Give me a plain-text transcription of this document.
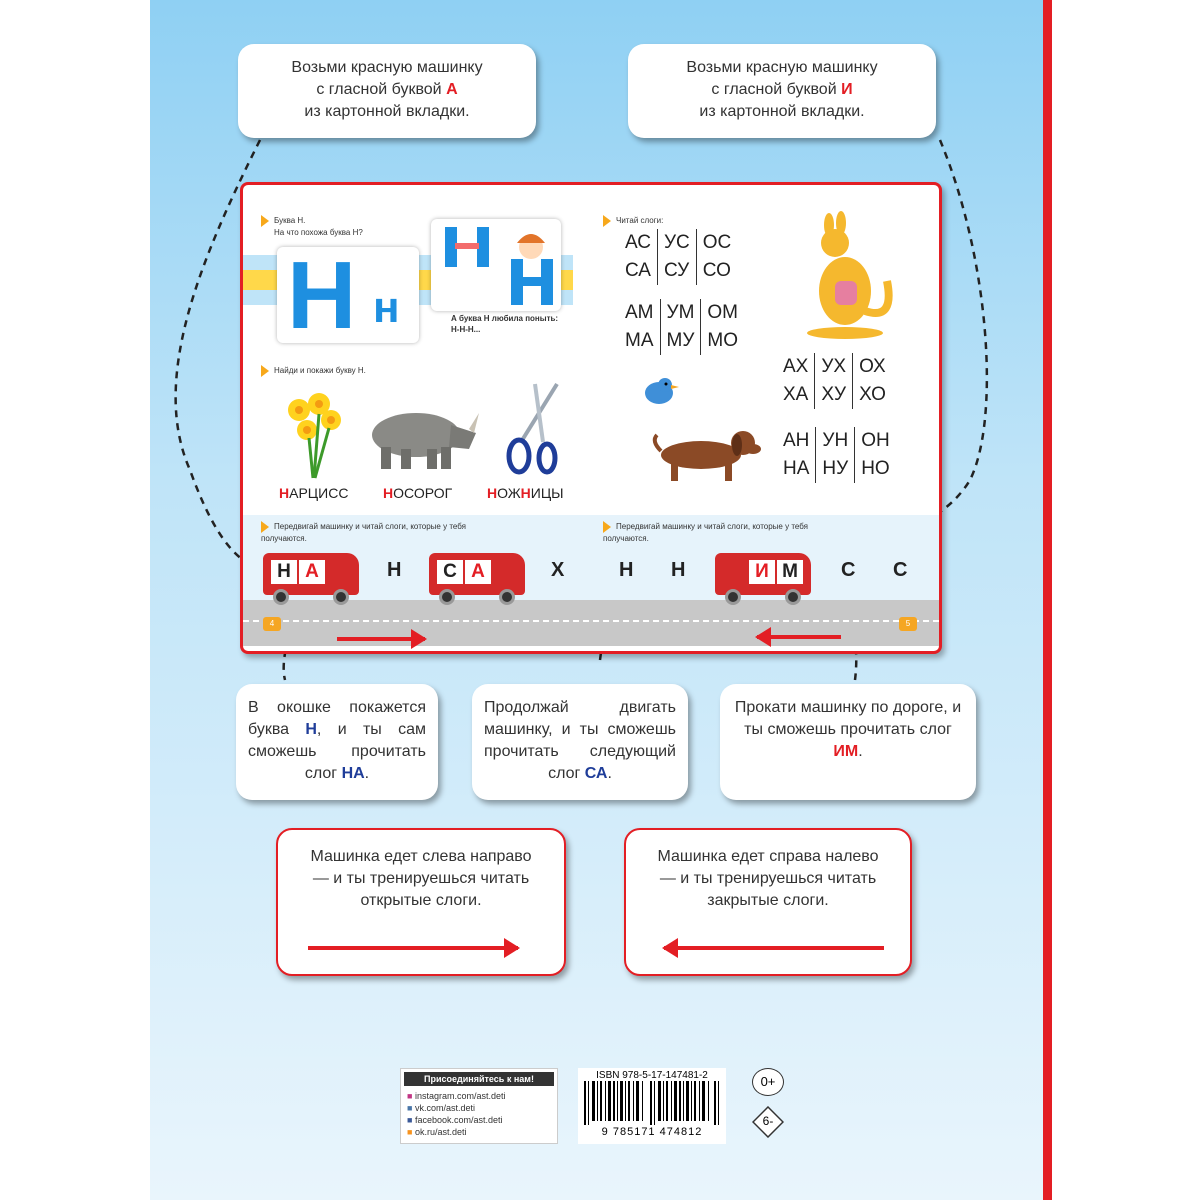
Возьми красную машинку
с гласной буквой А
из картонной вкладки.
Возьми красную машинку
с гласной буквой И
из картонной вкладки.
Буква Н.
На что похожа буква Н?
Н н	А буква Н любила поныть: Н-Н-Н...
Найди и покажи букву Н.
НАРЦИСС НОСОРОГ НОЖНИЦЫ
Читай слоги:
АС	УС	ОС
СА	СУ	СО
АМ	УМ	ОМ
МА	МУ	МО
АХ	УХ	ОХ
ХА	ХУ	ХО
АН	УН	ОН
НА	НУ	НО
Передвигай машинку и читай слоги, которые у тебя получаются.
Передвигай машинку и читай слоги, которые у тебя получаются.
Н А	С А	И М
Н	Х	Н Н	С С
4	5
В окошке покажется буква Н, и ты сам сможешь прочитать слог НА.
Продолжай двигать машинку, и ты сможешь прочитать следующий слог СА.
Прокати машинку по дороге, и ты сможешь прочитать слог ИМ.
Машинка едет слева направо — и ты тренируешься читать открытые слоги.
Машинка едет справа налево — и ты тренируешься читать закрытые слоги.
Присоединяйтесь к нам!
■ instagram.com/ast.deti
■ vk.com/ast.deti
■ facebook.com/ast.deti
■ ok.ru/ast.deti
ISBN 978-5-17-147481-2
9 785171 474812
0+
6-
